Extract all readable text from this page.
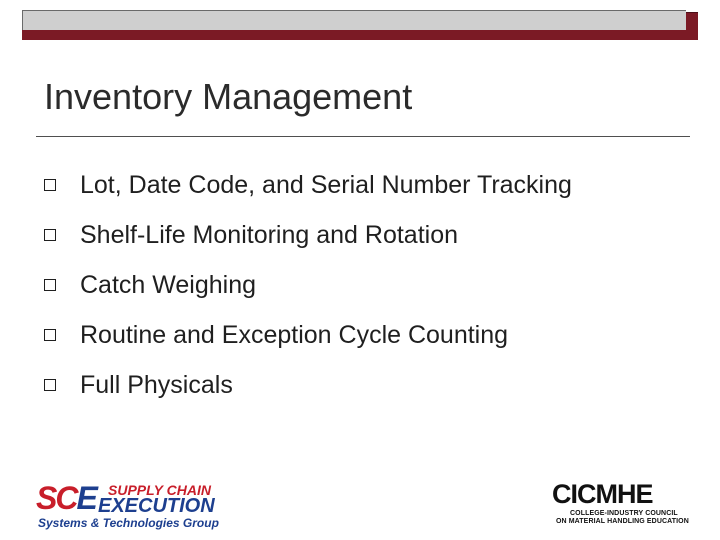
Inventory Management
Lot, Date Code, and Serial Number Tracking
Shelf-Life Monitoring and Rotation
Catch Weighing
Routine and Exception Cycle Counting
Full Physicals
SCE SUPPLY CHAIN
EXECUTION
Systems & Technologies Group
CICMHE
COLLEGE-INDUSTRY COUNCIL
ON MATERIAL HANDLING EDUCATION
